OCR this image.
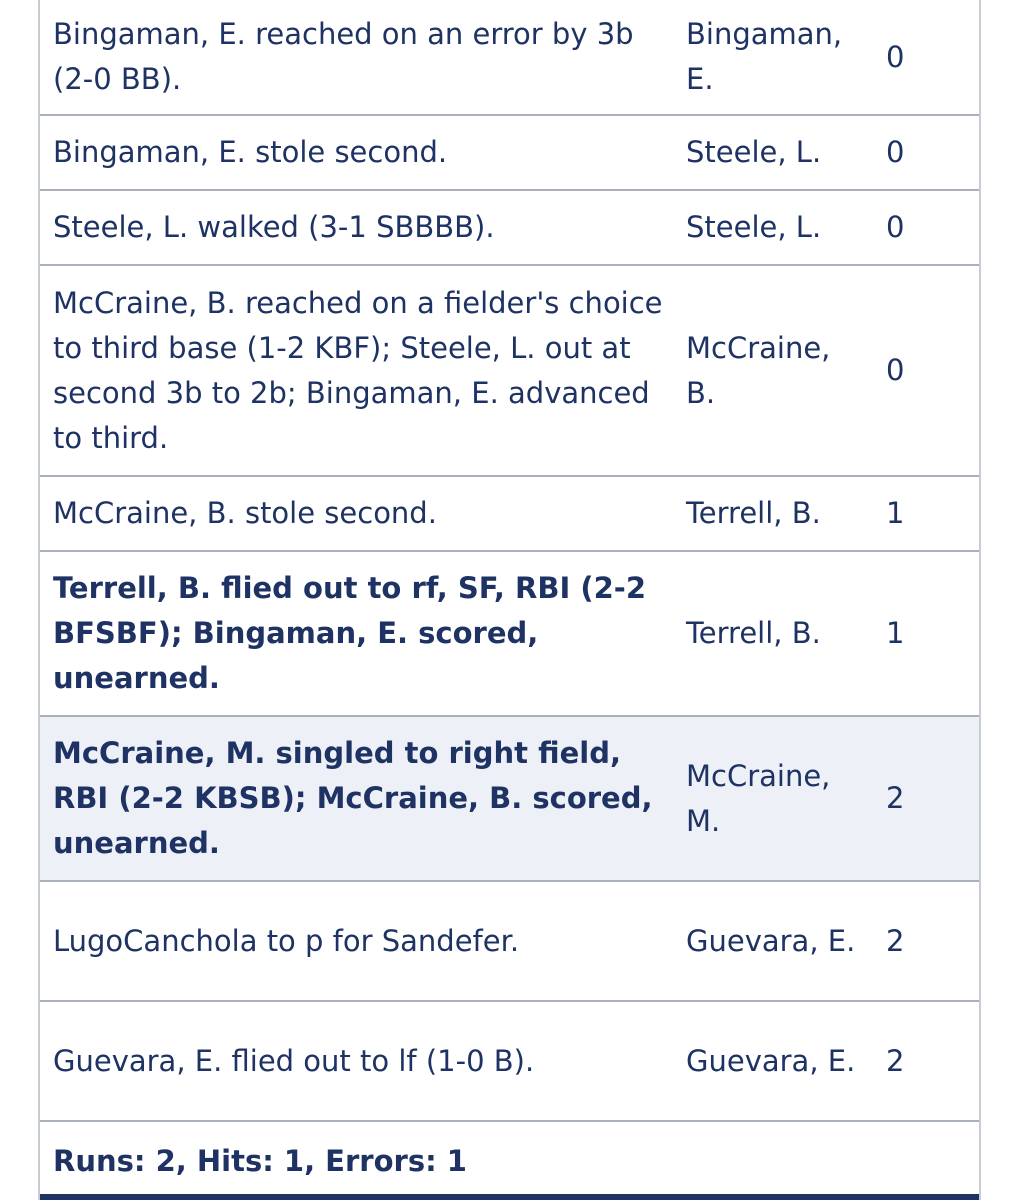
Bingaman, E. reached on an error by 3b (2-0 BB).	Bingaman, E.	0
Bingaman, E. stole second.	Steele, L.	0
Steele, L. walked (3-1 SBBBB).	Steele, L.	0
McCraine, B. reached on a fielder's choice to third base (1-2 KBF); Steele, L. out at second 3b to 2b; Bingaman, E. advanced to third.	McCraine, B.	0
McCraine, B. stole second.	Terrell, B.	1
Terrell, B. flied out to rf, SF, RBI (2-2 BFSBF); Bingaman, E. scored, unearned.	Terrell, B.	1
McCraine, M. singled to right field, RBI (2-2 KBSB); McCraine, B. scored, unearned.	McCraine, M.	2
LugoCanchola to p for Sandefer.	Guevara, E.	2
Guevara, E. flied out to lf (1-0 B).	Guevara, E.	2
Runs: 2, Hits: 1, Errors: 1
